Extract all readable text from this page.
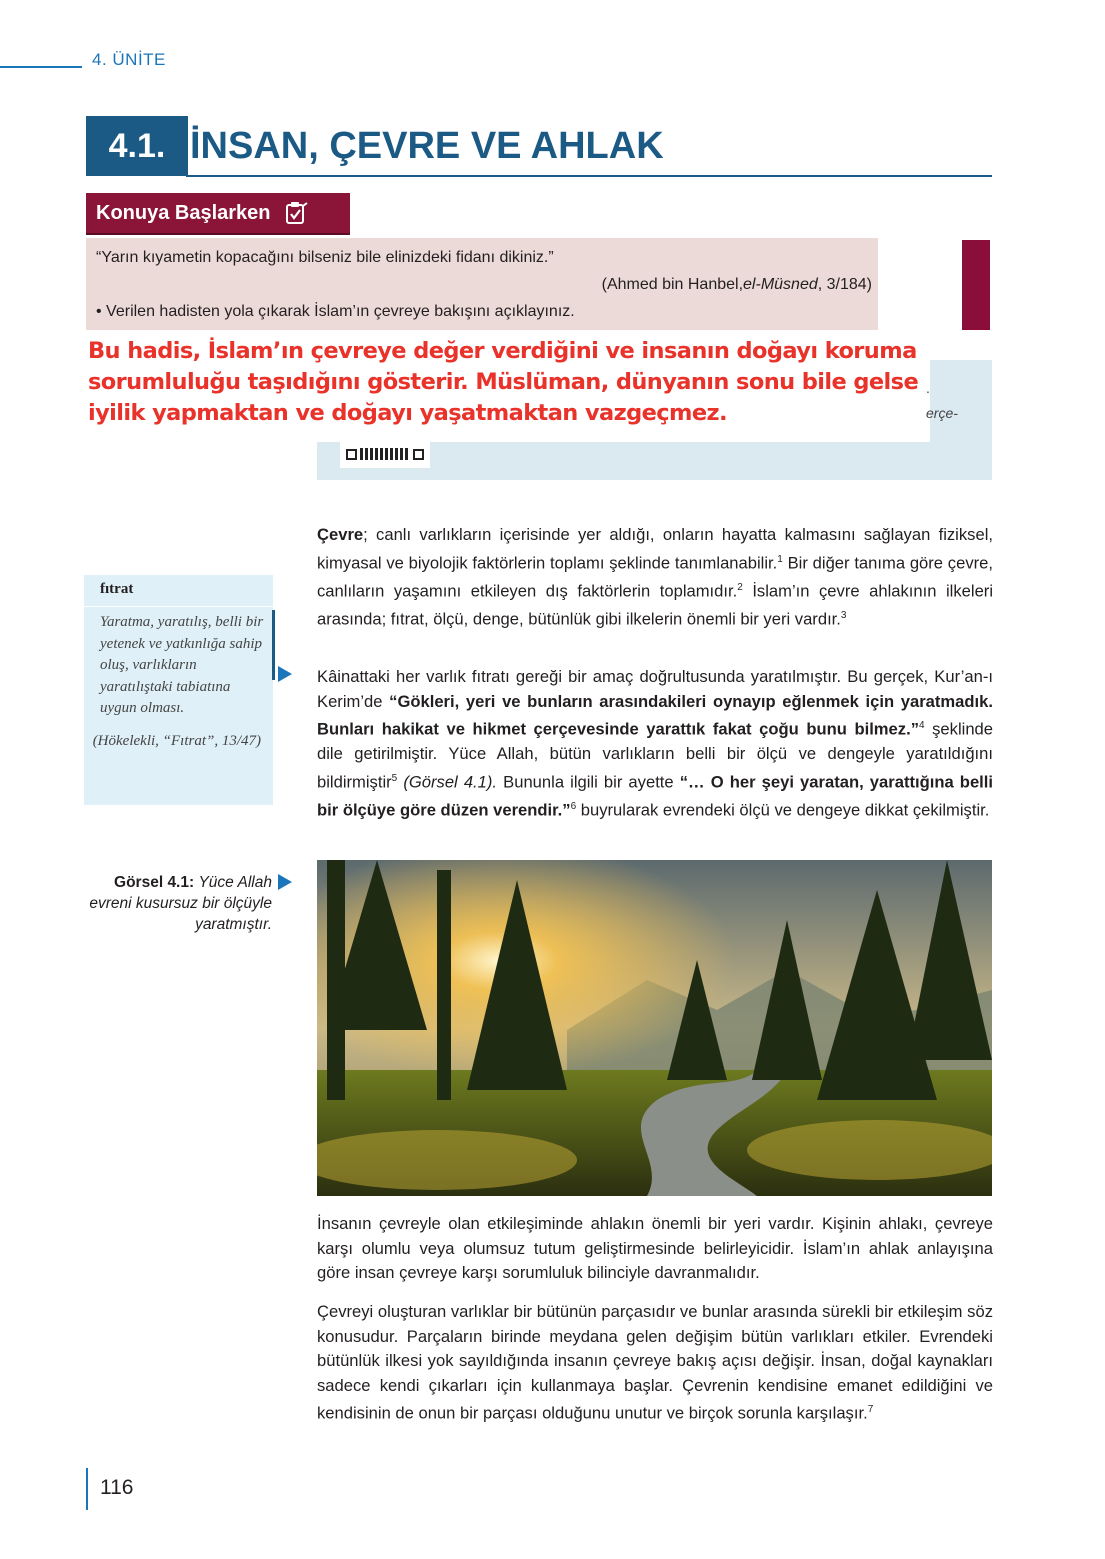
4. ÜNİTE
4.1. İNSAN, ÇEVRE VE AHLAK
Konuya Başlarken
“Yarın kıyametin kopacağını bilseniz bile elinizdeki fidanı dikiniz.”
(Ahmed bin Hanbel,el-Müsned, 3/184)
• Verilen hadisten yola çıkarak İslam’ın çevreye bakışını açıklayınız.
Bu hadis, İslam’ın çevreye değer verdiğini ve insanın doğayı koruma
sorumluluğu taşıdığını gösterir. Müslüman, dünyanın sonu bile gelse
iyilik yapmaktan ve doğayı yaşatmaktan vazgeçmez.
.
erçe-
fıtrat
Yaratma, yaratılış, belli bir yetenek ve yatkınlığa sahip oluş, varlıkların yaratılıştaki tabiatına uygun olması.
(Hökelekli, “Fıtrat”, 13/47)
Çevre; canlı varlıkların içerisinde yer aldığı, onların hayatta kalmasını sağlayan fiziksel, kimyasal ve biyolojik faktörlerin toplamı şeklinde tanımlanabilir.$^1$ Bir diğer tanıma göre çevre, canlıların yaşamını etkileyen dış faktörlerin toplamıdır.$^2$ İslam’ın çevre ahlakının ilkeleri arasında; fıtrat, ölçü, denge, bütünlük gibi ilkelerin önemli bir yeri vardır.$^3$
Kâinattaki her varlık fıtratı gereği bir amaç doğrultusunda yaratılmıştır. Bu gerçek, Kur’an-ı Kerim’de “Gökleri, yeri ve bunların arasındakileri oynayıp eğlenmek için yaratmadık. Bunları hakikat ve hikmet çerçevesinde yarattık fakat çoğu bunu bilmez.”$^4$ şeklinde dile getirilmiştir. Yüce Allah, bütün varlıkların belli bir ölçü ve dengeyle yaratıldığını bildirmiştir$^5$ (Görsel 4.1). Bununla ilgili bir ayette “… O her şeyi yaratan, yarattığına belli bir ölçüye göre düzen verendir.”$^6$ buyrularak evrendeki ölçü ve dengeye dikkat çekilmiştir.
Görsel 4.1: Yüce Allah evreni kusursuz bir ölçüyle yaratmıştır.
İnsanın çevreyle olan etkileşiminde ahlakın önemli bir yeri vardır. Kişinin ahlakı, çevreye karşı olumlu veya olumsuz tutum geliştirmesinde belirleyicidir. İslam’ın ahlak anlayışına göre insan çevreye karşı sorumluluk bilinciyle davranmalıdır.
Çevreyi oluşturan varlıklar bir bütünün parçasıdır ve bunlar arasında sürekli bir etkileşim söz konusudur. Parçaların birinde meydana gelen değişim bütün varlıkları etkiler. Evrendeki bütünlük ilkesi yok sayıldığında insanın çevreye bakış açısı değişir. İnsan, doğal kaynakları sadece kendi çıkarları için kullanmaya başlar. Çevrenin kendisine emanet edildiğini ve kendisinin de onun bir parçası olduğunu unutur ve birçok sorunla karşılaşır.$^7$
116
